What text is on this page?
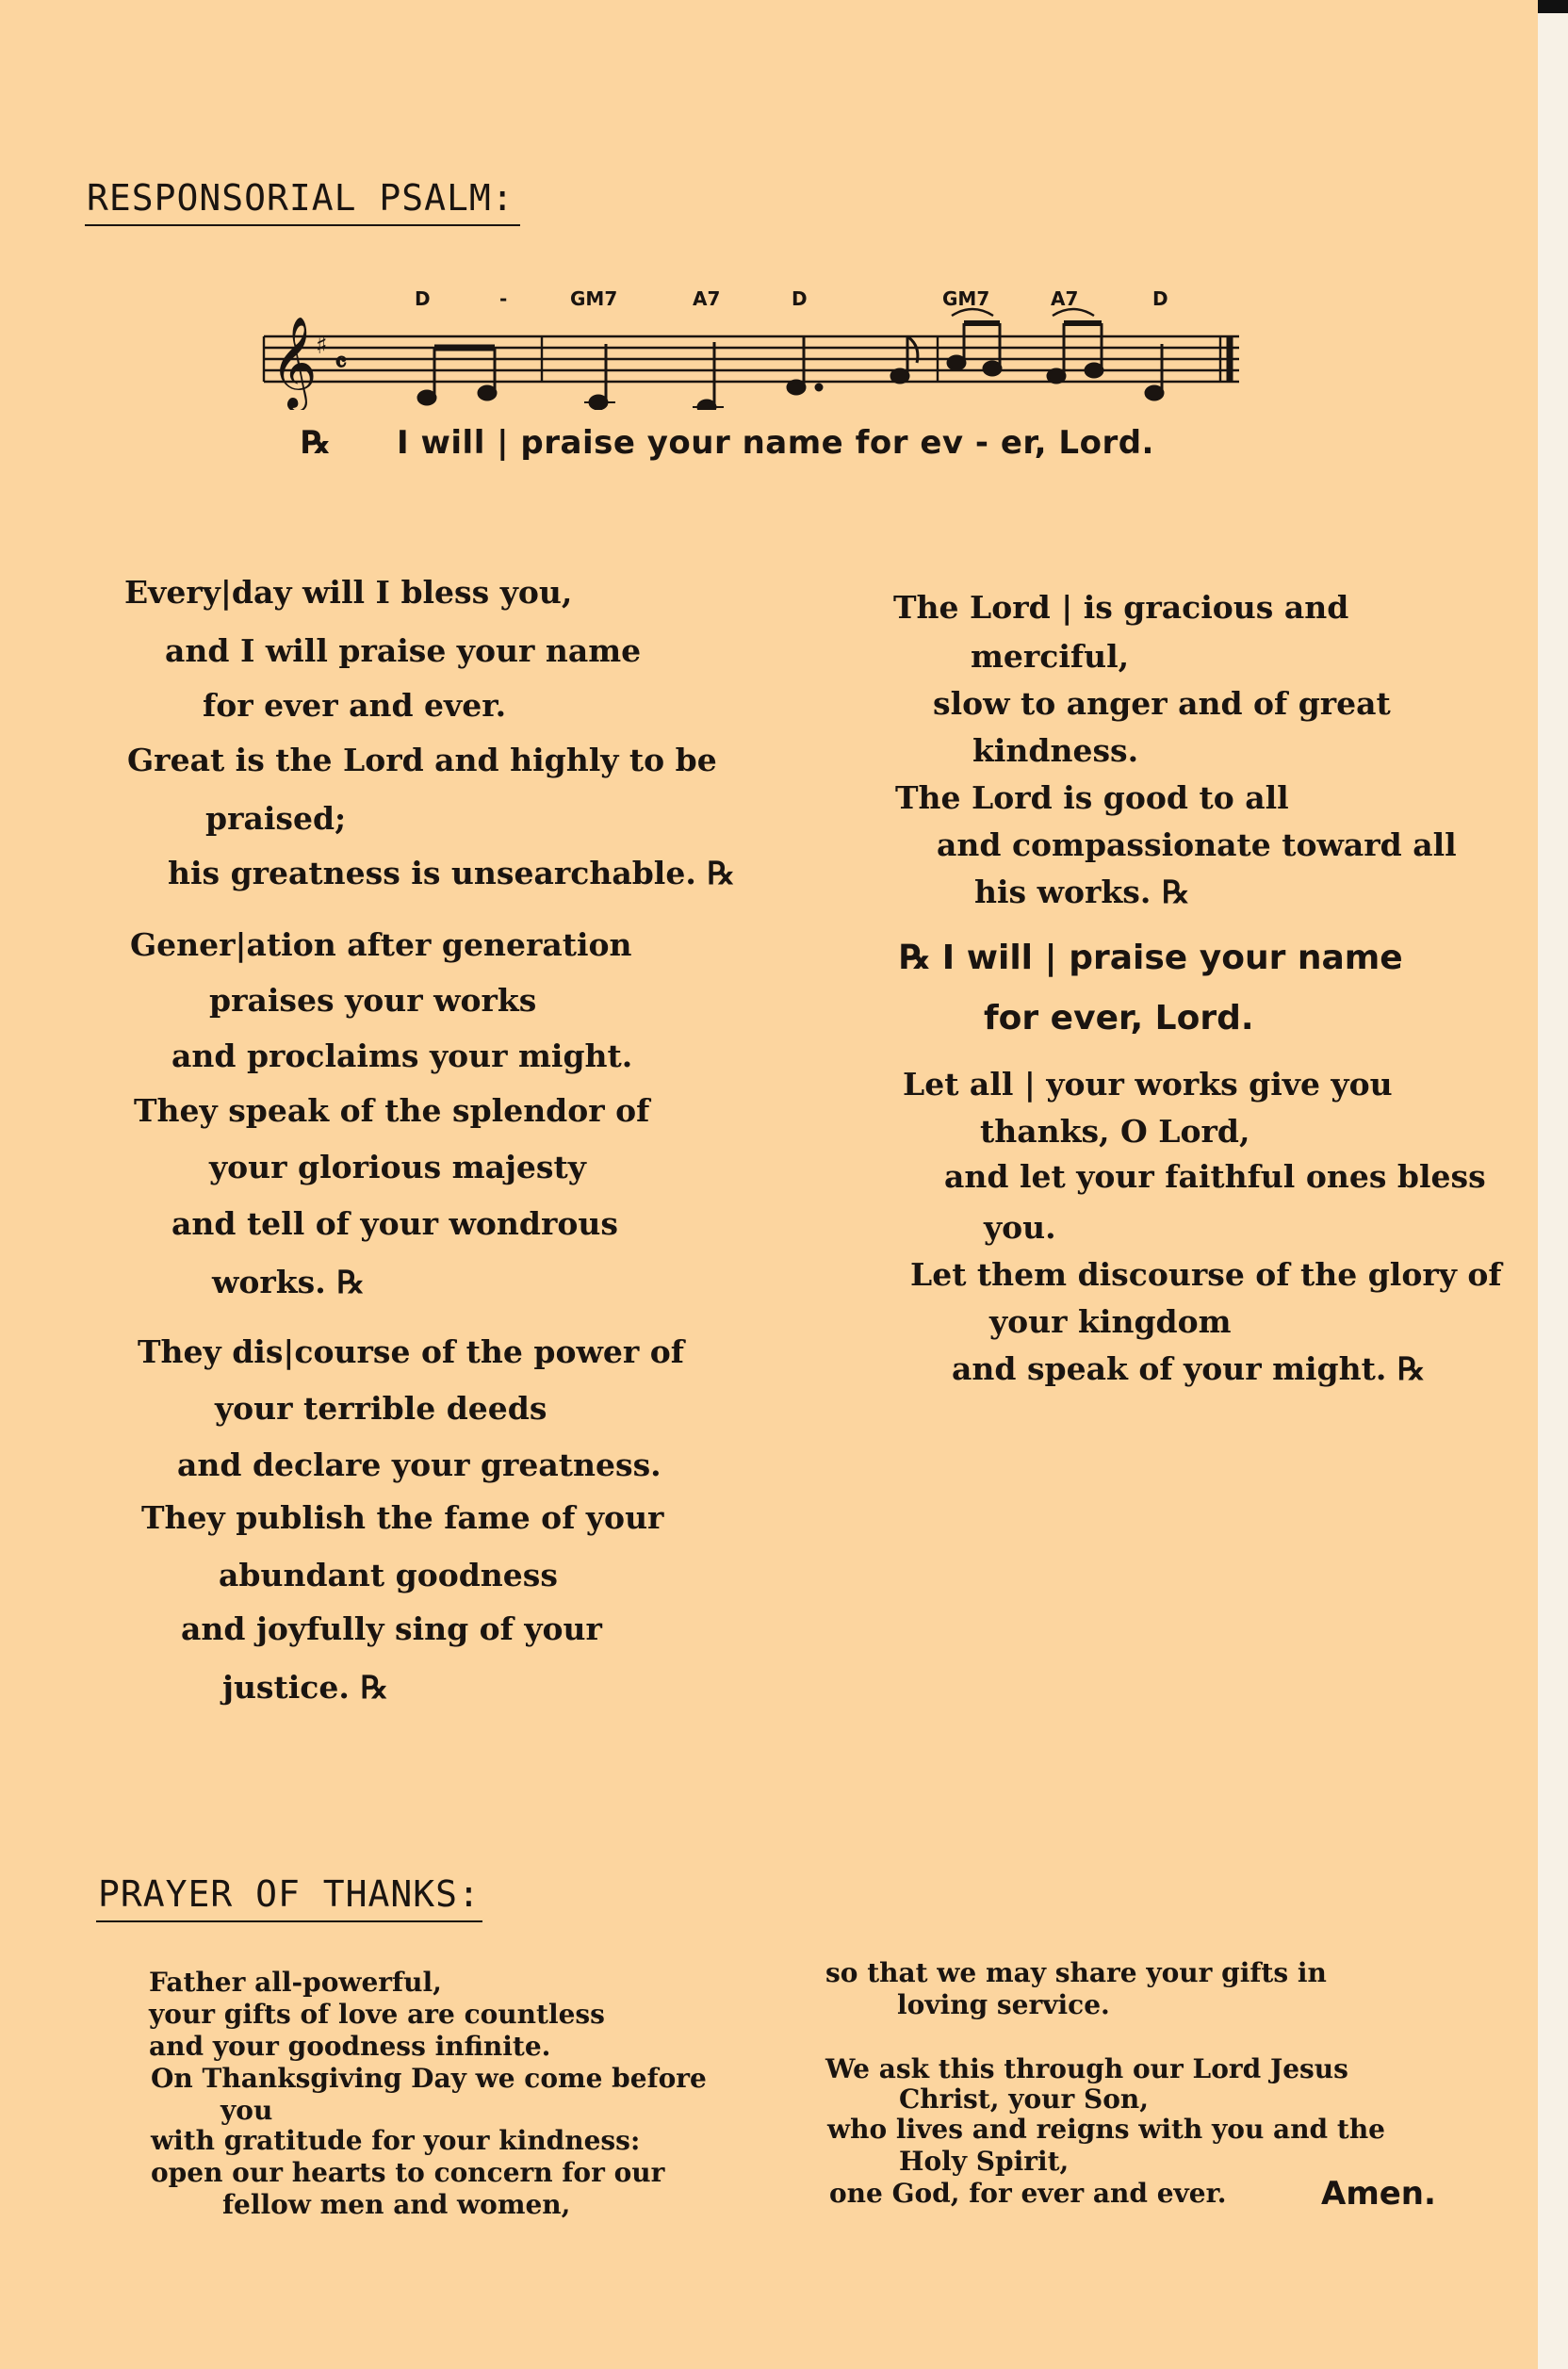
RESPONSORIAL PSALM:
D	-	GM7	A7	D	GM7	A7	D
𝄞
♯
𝄴
℞ I will | praise your name for ev - er, Lord.
Every|day will I bless you,
and I will praise your name
for ever and ever.
Great is the Lord and highly to be
praised;
his greatness is unsearchable. ℞
Gener|ation after generation
praises your works
and proclaims your might.
They speak of the splendor of
your glorious majesty
and tell of your wondrous
works. ℞
They dis|course of the power of
your terrible deeds
and declare your greatness.
They publish the fame of your
abundant goodness
and joyfully sing of your
justice. ℞
The Lord | is gracious and
merciful,
slow to anger and of great
kindness.
The Lord is good to all
and compassionate toward all
his works. ℞
℞ I will | praise your name
for ever, Lord.
Let all | your works give you
thanks, O Lord,
and let your faithful ones bless
you.
Let them discourse of the glory of
your kingdom
and speak of your might. ℞
PRAYER OF THANKS:
Father all-powerful,
your gifts of love are countless
and your goodness infinite.
On Thanksgiving Day we come before
you
with gratitude for your kindness:
open our hearts to concern for our
fellow men and women,
so that we may share your gifts in
loving service.
We ask this through our Lord Jesus
Christ, your Son,
who lives and reigns with you and the
Holy Spirit,
one God, for ever and ever.	Amen.
